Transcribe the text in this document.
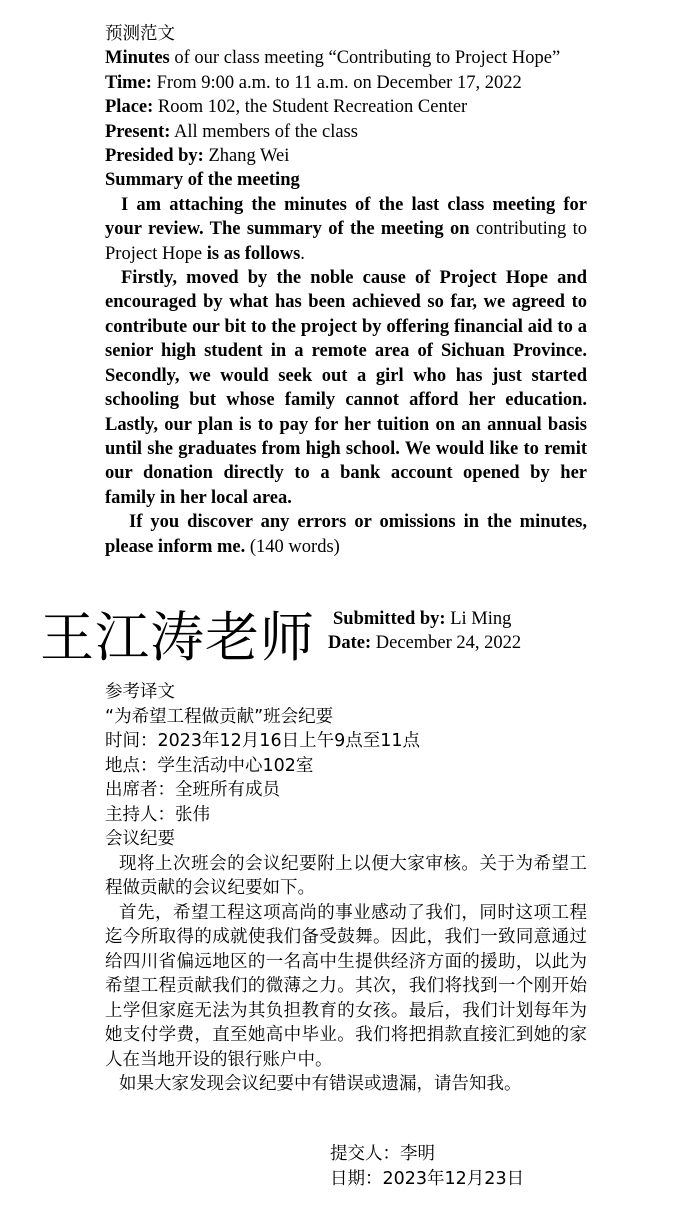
预测范文

Minutes of our class meeting “Contributing to Project Hope”

Time: From 9:00 a.m. to 11 a.m. on December 17, 2022

Place: Room 102, the Student Recreation Center

Present: All members of the class

Presided by: Zhang Wei

Summary of the meeting

I am attaching the minutes of the last class meeting for your review. The summary of the meeting on contributing to Project Hope is as follows.

Firstly, moved by the noble cause of Project Hope and encouraged by what has been achieved so far, we agreed to contribute our bit to the project by offering financial aid to a senior high student in a remote area of Sichuan Province. Secondly, we would seek out a girl who has just started schooling but whose family cannot afford her education. Lastly, our plan is to pay for her tuition on an annual basis until she graduates from high school. We would like to remit our donation directly to a bank account opened by her family in her local area.

If you discover any errors or omissions in the minutes, please inform me. (140 words)

王江涛老师 Submitted by: Li Ming

Date: December 24, 2022

参考译文

“为希望工程做贡献”班会纪要

时间：2023年12月16日上午9点至11点

地点：学生活动中心102室

出席者：全班所有成员

主持人：张伟

会议纪要

现将上次班会的会议纪要附上以便大家审核。关于为希望工程做贡献的会议纪要如下。

首先，希望工程这项高尚的事业感动了我们，同时这项工程迄今所取得的成就使我们备受鼓舞。因此，我们一致同意通过给四川省偏远地区的一名高中生提供经济方面的援助，以此为希望工程贡献我们的微薄之力。其次，我们将找到一个刚开始上学但家庭无法为其负担教育的女孩。最后，我们计划每年为她支付学费，直至她高中毕业。我们将把捐款直接汇到她的家人在当地开设的银行账户中。

如果大家发现会议纪要中有错误或遗漏，请告知我。

提交人：李明

日期：2023年12月23日
